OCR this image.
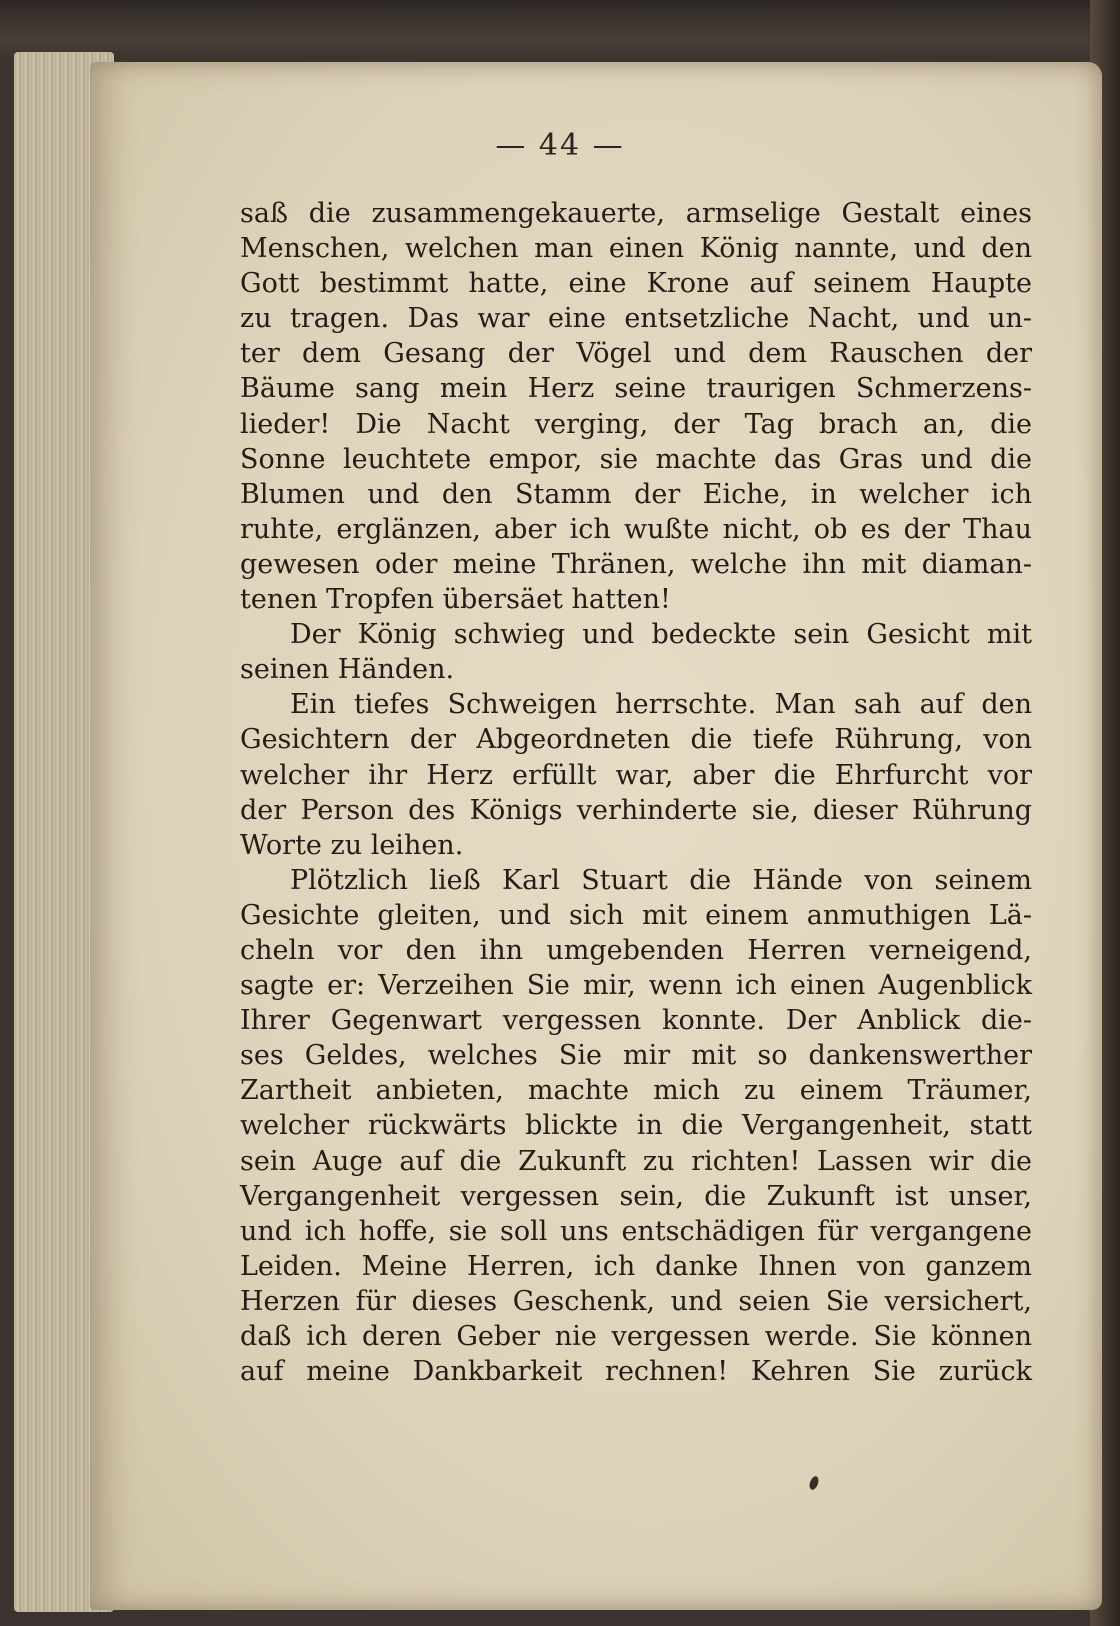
— 44 —
saß die zusammengekauerte, armselige Gestalt eines
Menschen, welchen man einen König nannte, und den
Gott bestimmt hatte, eine Krone auf seinem Haupte
zu tragen. Das war eine entsetzliche Nacht, und un-
ter dem Gesang der Vögel und dem Rauschen der
Bäume sang mein Herz seine traurigen Schmerzens-
lieder! Die Nacht verging, der Tag brach an, die
Sonne leuchtete empor, sie machte das Gras und die
Blumen und den Stamm der Eiche, in welcher ich
ruhte, erglänzen, aber ich wußte nicht, ob es der Thau
gewesen oder meine Thränen, welche ihn mit diaman-
tenen Tropfen übersäet hatten!
Der König schwieg und bedeckte sein Gesicht mit
seinen Händen.
Ein tiefes Schweigen herrschte. Man sah auf den
Gesichtern der Abgeordneten die tiefe Rührung, von
welcher ihr Herz erfüllt war, aber die Ehrfurcht vor
der Person des Königs verhinderte sie, dieser Rührung
Worte zu leihen.
Plötzlich ließ Karl Stuart die Hände von seinem
Gesichte gleiten, und sich mit einem anmuthigen Lä-
cheln vor den ihn umgebenden Herren verneigend,
sagte er: Verzeihen Sie mir, wenn ich einen Augenblick
Ihrer Gegenwart vergessen konnte. Der Anblick die-
ses Geldes, welches Sie mir mit so dankenswerther
Zartheit anbieten, machte mich zu einem Träumer,
welcher rückwärts blickte in die Vergangenheit, statt
sein Auge auf die Zukunft zu richten! Lassen wir die
Vergangenheit vergessen sein, die Zukunft ist unser,
und ich hoffe, sie soll uns entschädigen für vergangene
Leiden. Meine Herren, ich danke Ihnen von ganzem
Herzen für dieses Geschenk, und seien Sie versichert,
daß ich deren Geber nie vergessen werde. Sie können
auf meine Dankbarkeit rechnen! Kehren Sie zurück
